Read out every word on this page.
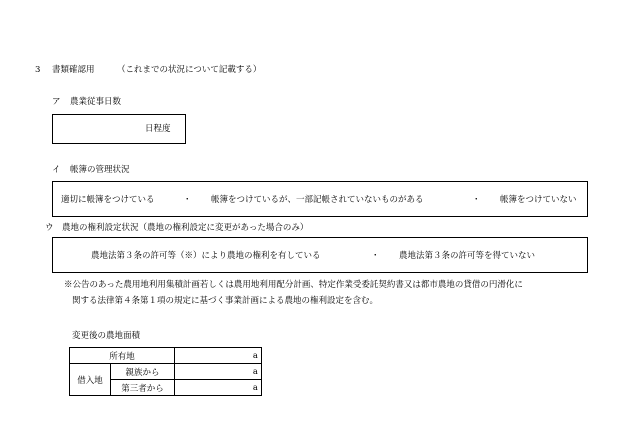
3 書類確認用	（これまでの状況について記載する）
ア 農業従事日数
日程度
イ 帳簿の管理状況
適切に帳簿をつけている	・ 帳簿をつけているが、一部記帳されていないものがある	・ 帳簿をつけていない
ウ 農地の権利設定状況（農地の権利設定に変更があった場合のみ）
農地法第３条の許可等（※）により農地の権利を有している	・ 農地法第３条の許可等を得ていない
※公告のあった農用地利用集積計画若しくは農用地利用配分計画、特定作業受委託契約書又は都市農地の貸借の円滑化に
関する法律第４条第１項の規定に基づく事業計画による農地の権利設定を含む。
変更後の農地面積
所有地		a
借入地	親族から	a
	第三者から	a
